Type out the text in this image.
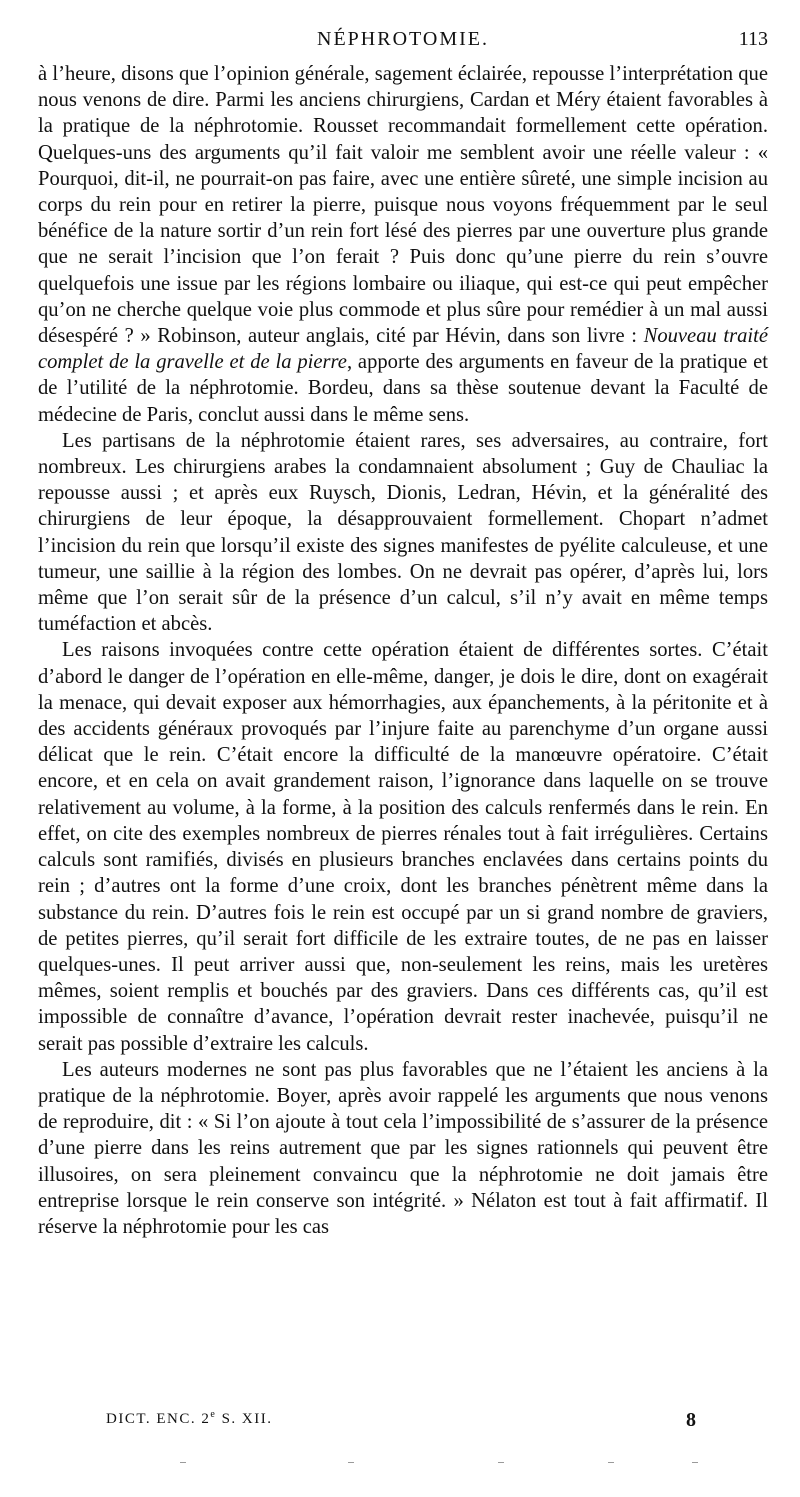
NÉPHROTOMIE.	113

à l’heure, disons que l’opinion générale, sagement éclairée, repousse l’interprétation que nous venons de dire. Parmi les anciens chirurgiens, Cardan et Méry étaient favorables à la pratique de la néphrotomie. Rousset recommandait formellement cette opération. Quelques-uns des arguments qu’il fait valoir me semblent avoir une réelle valeur : « Pourquoi, dit-il, ne pourrait-on pas faire, avec une entière sûreté, une simple incision au corps du rein pour en retirer la pierre, puisque nous voyons fréquemment par le seul bénéfice de la nature sortir d’un rein fort lésé des pierres par une ouverture plus grande que ne serait l’incision que l’on ferait ? Puis donc qu’une pierre du rein s’ouvre quelquefois une issue par les régions lombaire ou iliaque, qui est-ce qui peut empêcher qu’on ne cherche quelque voie plus commode et plus sûre pour remédier à un mal aussi désespéré ? » Robinson, auteur anglais, cité par Hévin, dans son livre : Nouveau traité complet de la gravelle et de la pierre, apporte des arguments en faveur de la pratique et de l’utilité de la néphrotomie. Bordeu, dans sa thèse soutenue devant la Faculté de médecine de Paris, conclut aussi dans le même sens.

Les partisans de la néphrotomie étaient rares, ses adversaires, au contraire, fort nombreux. Les chirurgiens arabes la condamnaient absolument ; Guy de Chauliac la repousse aussi ; et après eux Ruysch, Dionis, Ledran, Hévin, et la généralité des chirurgiens de leur époque, la désapprouvaient formellement. Chopart n’admet l’incision du rein que lorsqu’il existe des signes manifestes de pyélite calculeuse, et une tumeur, une saillie à la région des lombes. On ne devrait pas opérer, d’après lui, lors même que l’on serait sûr de la présence d’un calcul, s’il n’y avait en même temps tuméfaction et abcès.

Les raisons invoquées contre cette opération étaient de différentes sortes. C’était d’abord le danger de l’opération en elle-même, danger, je dois le dire, dont on exagérait la menace, qui devait exposer aux hémorrhagies, aux épanchements, à la péritonite et à des accidents généraux provoqués par l’injure faite au parenchyme d’un organe aussi délicat que le rein. C’était encore la difficulté de la manœuvre opératoire. C’était encore, et en cela on avait grandement raison, l’ignorance dans laquelle on se trouve relativement au volume, à la forme, à la position des calculs renfermés dans le rein. En effet, on cite des exemples nombreux de pierres rénales tout à fait irrégulières. Certains calculs sont ramifiés, divisés en plusieurs branches enclavées dans certains points du rein ; d’autres ont la forme d’une croix, dont les branches pénètrent même dans la substance du rein. D’autres fois le rein est occupé par un si grand nombre de graviers, de petites pierres, qu’il serait fort difficile de les extraire toutes, de ne pas en laisser quelques-unes. Il peut arriver aussi que, non-seulement les reins, mais les uretères mêmes, soient remplis et bouchés par des graviers. Dans ces différents cas, qu’il est impossible de connaître d’avance, l’opération devrait rester inachevée, puisqu’il ne serait pas possible d’extraire les calculs.

Les auteurs modernes ne sont pas plus favorables que ne l’étaient les anciens à la pratique de la néphrotomie. Boyer, après avoir rappelé les arguments que nous venons de reproduire, dit : « Si l’on ajoute à tout cela l’impossibilité de s’assurer de la présence d’une pierre dans les reins autrement que par les signes rationnels qui peuvent être illusoires, on sera pleinement convaincu que la néphrotomie ne doit jamais être entreprise lorsque le rein conserve son intégrité. » Nélaton est tout à fait affirmatif. Il réserve la néphrotomie pour les cas

DICT. ENC. 2e S. XII.	8
